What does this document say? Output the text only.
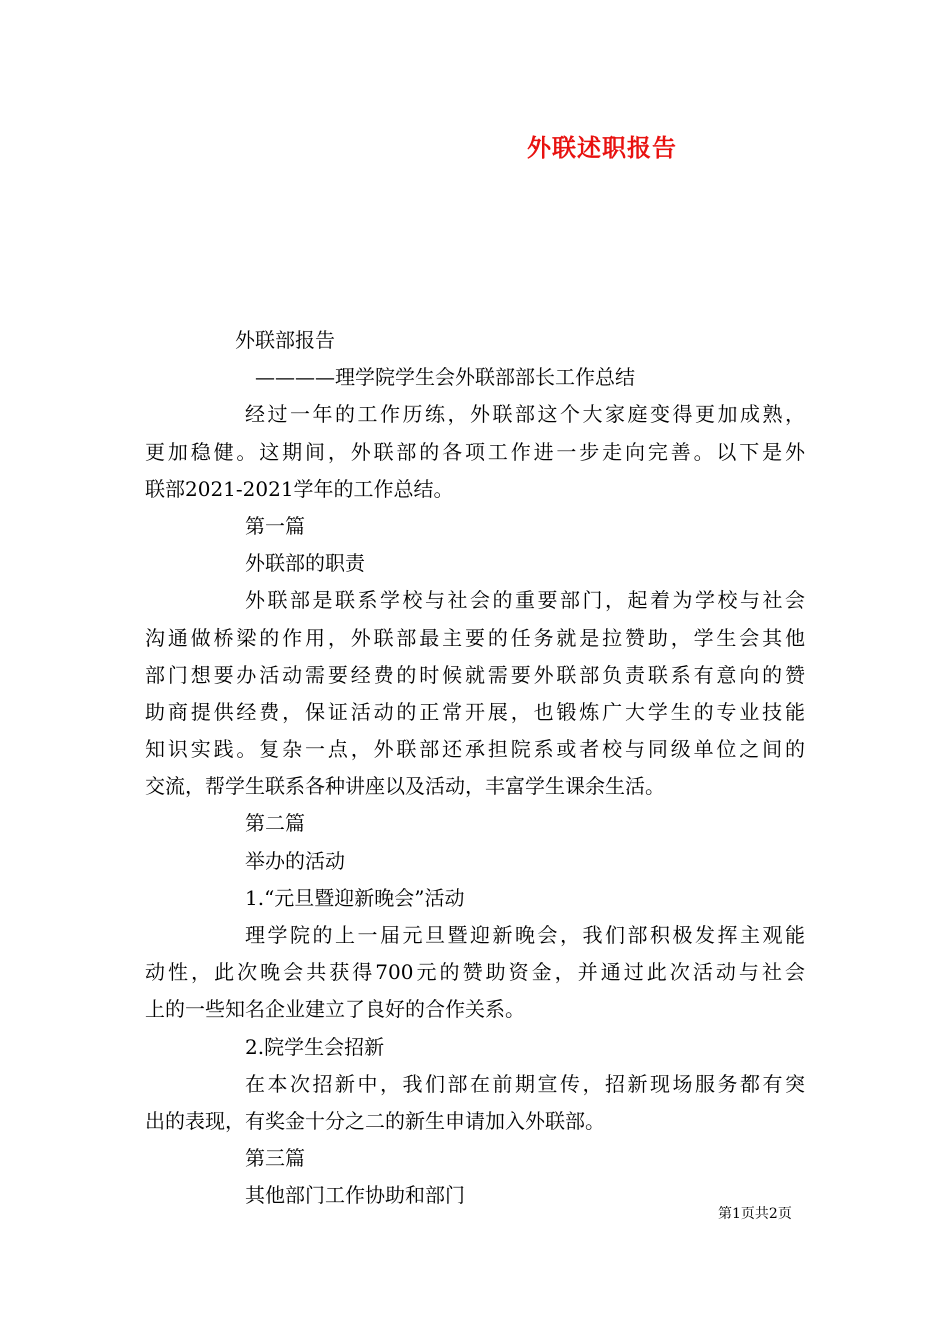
外联述职报告
外联部报告
————理学院学生会外联部部长工作总结
经过一年的工作历练，外联部这个大家庭变得更加成熟，
更加稳健。这期间，外联部的各项工作进一步走向完善。以下是外
联部2021-2021学年的工作总结。
第一篇
外联部的职责
外联部是联系学校与社会的重要部门，起着为学校与社会
沟通做桥梁的作用，外联部最主要的任务就是拉赞助，学生会其他
部门想要办活动需要经费的时候就需要外联部负责联系有意向的赞
助商提供经费，保证活动的正常开展，也锻炼广大学生的专业技能
知识实践。复杂一点，外联部还承担院系或者校与同级单位之间的
交流，帮学生联系各种讲座以及活动，丰富学生课余生活。
第二篇
举办的活动
1.“元旦暨迎新晚会”活动
理学院的上一届元旦暨迎新晚会，我们部积极发挥主观能
动性，此次晚会共获得700元的赞助资金，并通过此次活动与社会
上的一些知名企业建立了良好的合作关系。
2.院学生会招新
在本次招新中，我们部在前期宣传，招新现场服务都有突
出的表现，有奖金十分之二的新生申请加入外联部。
第三篇
其他部门工作协助和部门
第1页共2页
